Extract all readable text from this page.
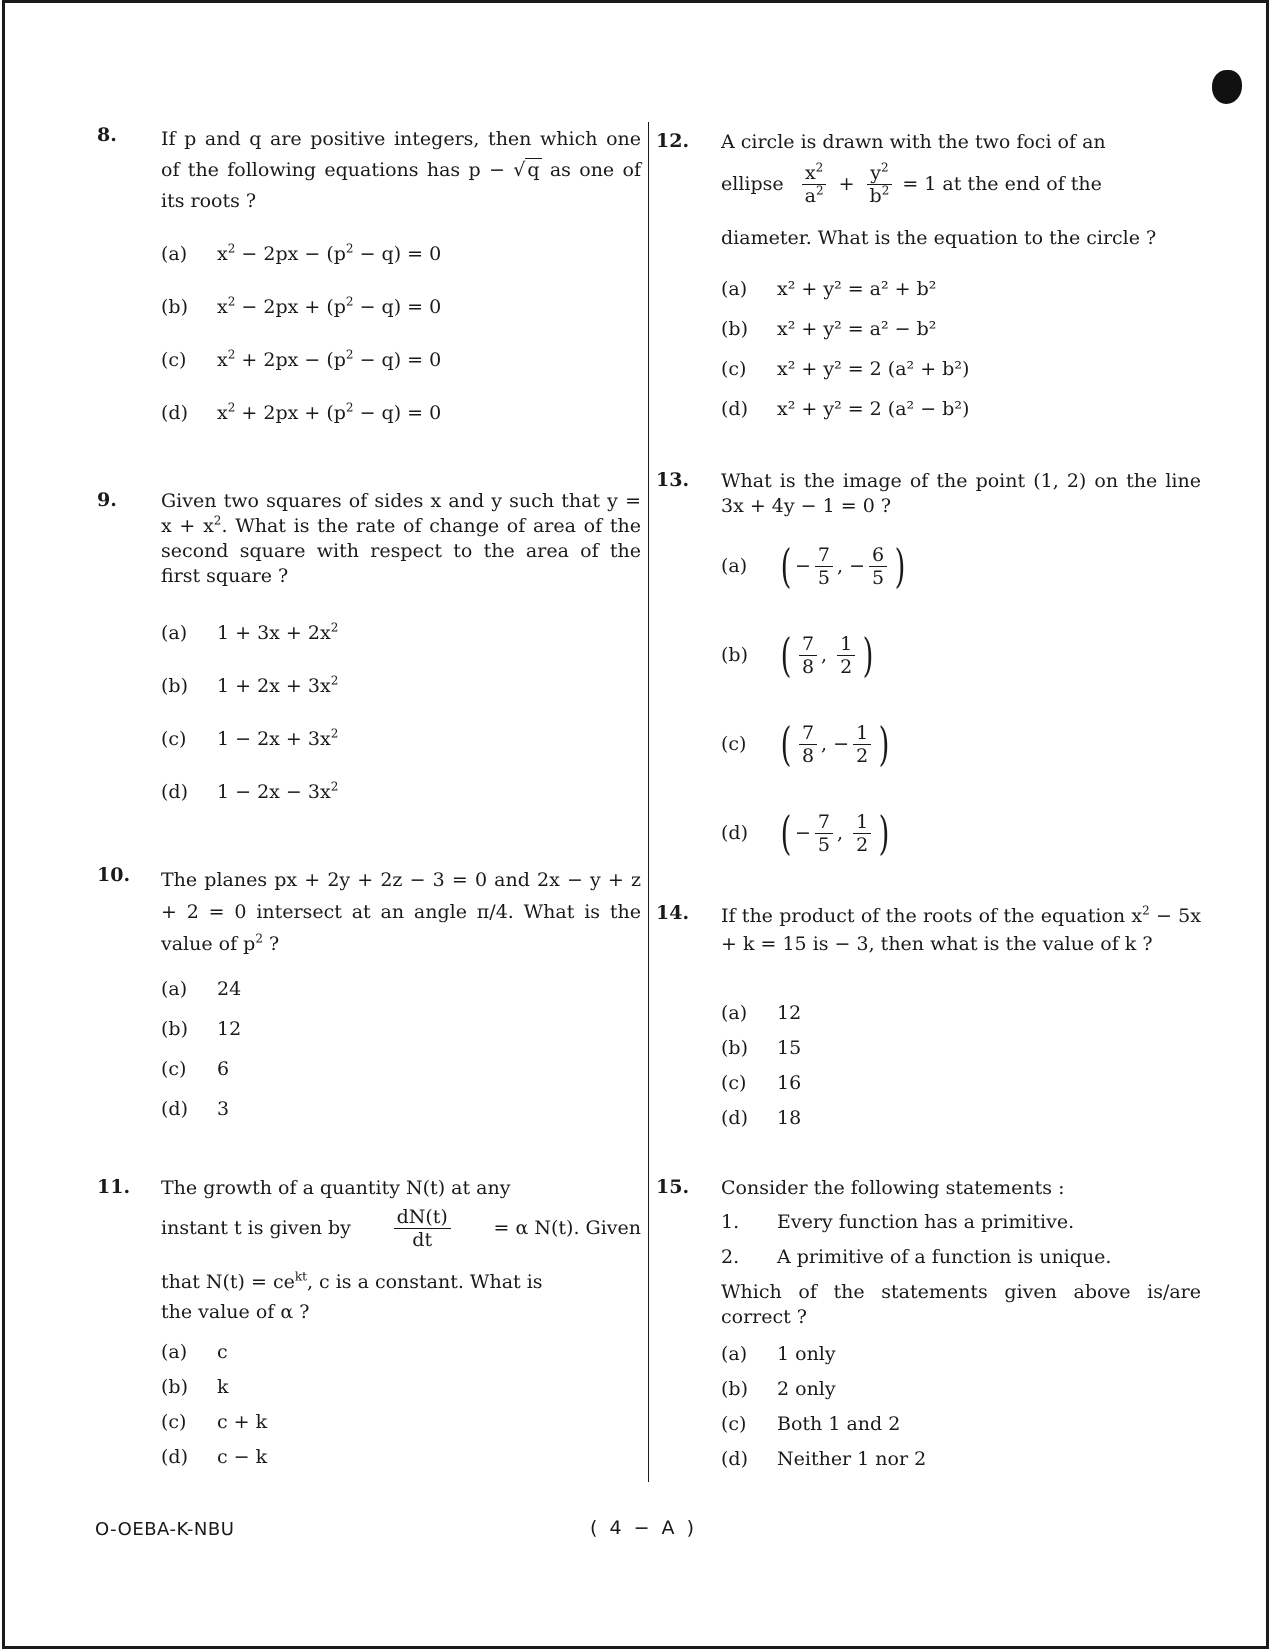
8. If p and q are positive integers, then which one of the following equations has p − √ q as one of its roots ?
(a)	$x^2 - 2px - (p^2 - q) = 0$
(b)	$x^2 - 2px + (p^2 - q) = 0$
(c)	$x^2 + 2px - (p^2 - q) = 0$
(d)	$x^2 + 2px + (p^2 - q) = 0$
9. Given two squares of sides x and y such that $y = x + x^2$. What is the rate of change of area of the second square with respect to the area of the first square ?
(a)	$1 + 3x + 2x^2$
(b)	$1 + 2x + 3x^2$
(c)	$1 - 2x + 3x^2$
(d)	$1 - 2x - 3x^2$
10. The planes px + 2y + 2z − 3 = 0 and 2x − y + z + 2 = 0 intersect at an angle π/4. What is the value of $p^2$ ?
(a)	24
(b)	12
(c)	6
(d)	3
11. The growth of a quantity N(t) at any
instant t is given by $\frac{dN(t)}{dt} = \alpha$ N(t). Given
that $N(t) = ce^{kt}$, c is a constant. What is
the value of α ?
(a)	c
(b)	k
(c)	c + k
(d)	c − k
12. A circle is drawn with the two foci of an
ellipse $\frac{x^2}{a^2} + \frac{y^2}{b^2} = 1$ at the end of the
diameter. What is the equation to the circle ?
(a)	x² + y² = a² + b²
(b)	x² + y² = a² − b²
(c)	x² + y² = 2 (a² + b²)
(d)	x² + y² = 2 (a² − b²)
13. What is the image of the point (1, 2) on the line 3x + 4y − 1 = 0 ?
(a) ( − $\frac{7}{5}$ , − $\frac{6}{5}$ )
(b) ( $\frac{7}{8}$ , $\frac{1}{2}$ )
(c) ( $\frac{7}{8}$ , − $\frac{1}{2}$ )
(d) ( − $\frac{7}{5}$ , $\frac{1}{2}$ )
14. If the product of the roots of the equation $x^2 - 5x + k = 15$ is − 3, then what is the value of k ?
(a)	12
(b)	15
(c)	16
(d)	18
15. Consider the following statements :
1.	Every function has a primitive.
2.	A primitive of a function is unique.
Which of the statements given above is/are correct ?
(a)	1 only
(b)	2 only
(c)	Both 1 and 2
(d)	Neither 1 nor 2
O-OEBA-K-NBU	( 4 − A )
